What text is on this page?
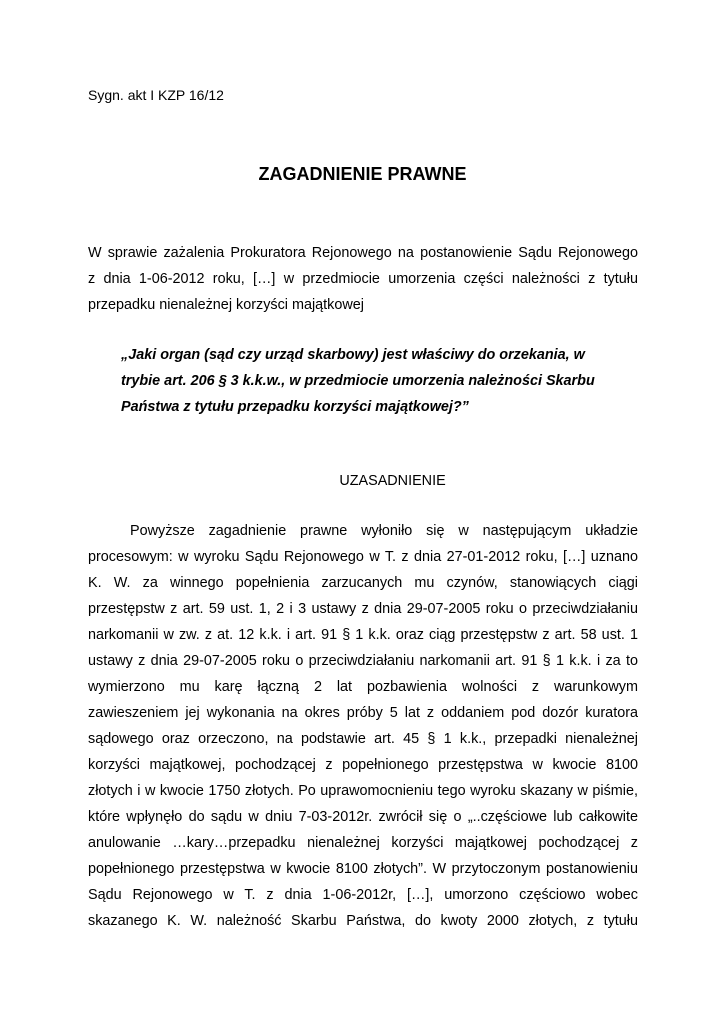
Sygn. akt I KZP 16/12
ZAGADNIENIE PRAWNE
W sprawie zażalenia Prokuratora Rejonowego na postanowienie Sądu Rejonowego
z dnia 1-06-2012 roku, […] w przedmiocie umorzenia części należności z tytułu
przepadku nienależnej korzyści majątkowej
„Jaki organ (sąd czy urząd skarbowy) jest właściwy do orzekania, w
trybie art. 206 § 3 k.k.w., w przedmiocie umorzenia należności Skarbu
Państwa z tytułu przepadku korzyści majątkowej?”
UZASADNIENIE
Powyższe zagadnienie prawne wyłoniło się w następującym układzie
procesowym: w wyroku Sądu Rejonowego w T. z dnia 27-01-2012 roku, […] uznano
K. W. za winnego popełnienia zarzucanych mu czynów, stanowiących ciągi
przestępstw z art. 59 ust. 1, 2 i 3 ustawy z dnia 29-07-2005 roku o przeciwdziałaniu
narkomanii w zw. z at. 12 k.k. i art. 91 § 1 k.k. oraz ciąg przestępstw z art. 58 ust. 1
ustawy z dnia 29-07-2005 roku o przeciwdziałaniu narkomanii art. 91 § 1 k.k. i za to
wymierzono mu karę łączną 2 lat pozbawienia wolności z warunkowym
zawieszeniem jej wykonania na okres próby 5 lat z oddaniem pod dozór kuratora
sądowego oraz orzeczono, na podstawie art. 45 § 1 k.k., przepadki nienależnej
korzyści majątkowej, pochodzącej z popełnionego przestępstwa w kwocie 8100
złotych i w kwocie 1750 złotych. Po uprawomocnieniu tego wyroku skazany w piśmie,
które wpłynęło do sądu w dniu 7-03-2012r. zwrócił się o „..częściowe lub całkowite
anulowanie …kary…przepadku nienależnej korzyści majątkowej pochodzącej z
popełnionego przestępstwa w kwocie 8100 złotych”. W przytoczonym postanowieniu
Sądu Rejonowego w T. z dnia 1-06-2012r, […], umorzono częściowo wobec
skazanego K. W. należność Skarbu Państwa, do kwoty 2000 złotych, z tytułu
